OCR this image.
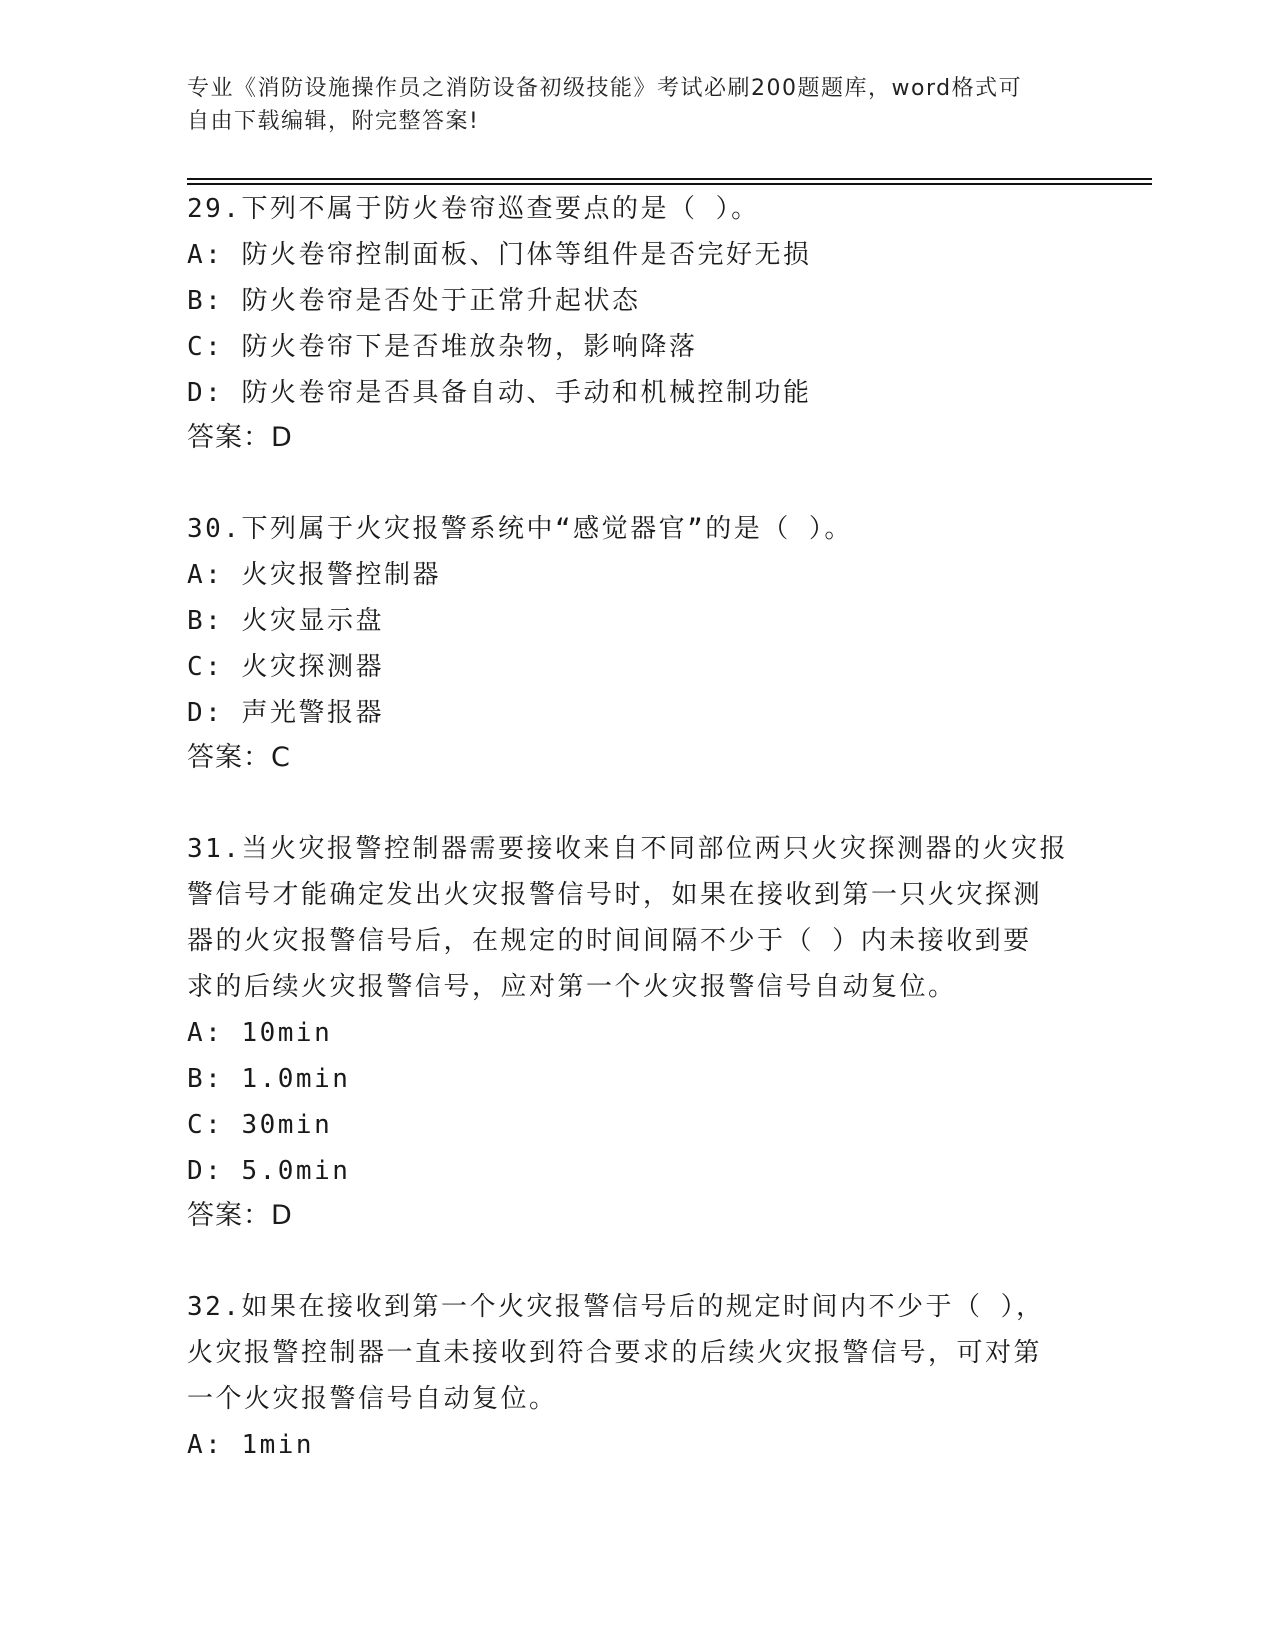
专业《消防设施操作员之消防设备初级技能》考试必刷200题题库，word格式可
自由下载编辑，附完整答案!
29.下列不属于防火卷帘巡查要点的是（ ）。
A: 防火卷帘控制面板、门体等组件是否完好无损
B: 防火卷帘是否处于正常升起状态
C: 防火卷帘下是否堆放杂物，影响降落
D: 防火卷帘是否具备自动、手动和机械控制功能
答案：D
30.下列属于火灾报警系统中“感觉器官”的是（ ）。
A: 火灾报警控制器
B: 火灾显示盘
C: 火灾探测器
D: 声光警报器
答案：C
31.当火灾报警控制器需要接收来自不同部位两只火灾探测器的火灾报
警信号才能确定发出火灾报警信号时，如果在接收到第一只火灾探测
器的火灾报警信号后，在规定的时间间隔不少于（ ）内未接收到要
求的后续火灾报警信号，应对第一个火灾报警信号自动复位。
A: 10min
B: 1.0min
C: 30min
D: 5.0min
答案：D
32.如果在接收到第一个火灾报警信号后的规定时间内不少于（ ），
火灾报警控制器一直未接收到符合要求的后续火灾报警信号，可对第
一个火灾报警信号自动复位。
A: 1min
